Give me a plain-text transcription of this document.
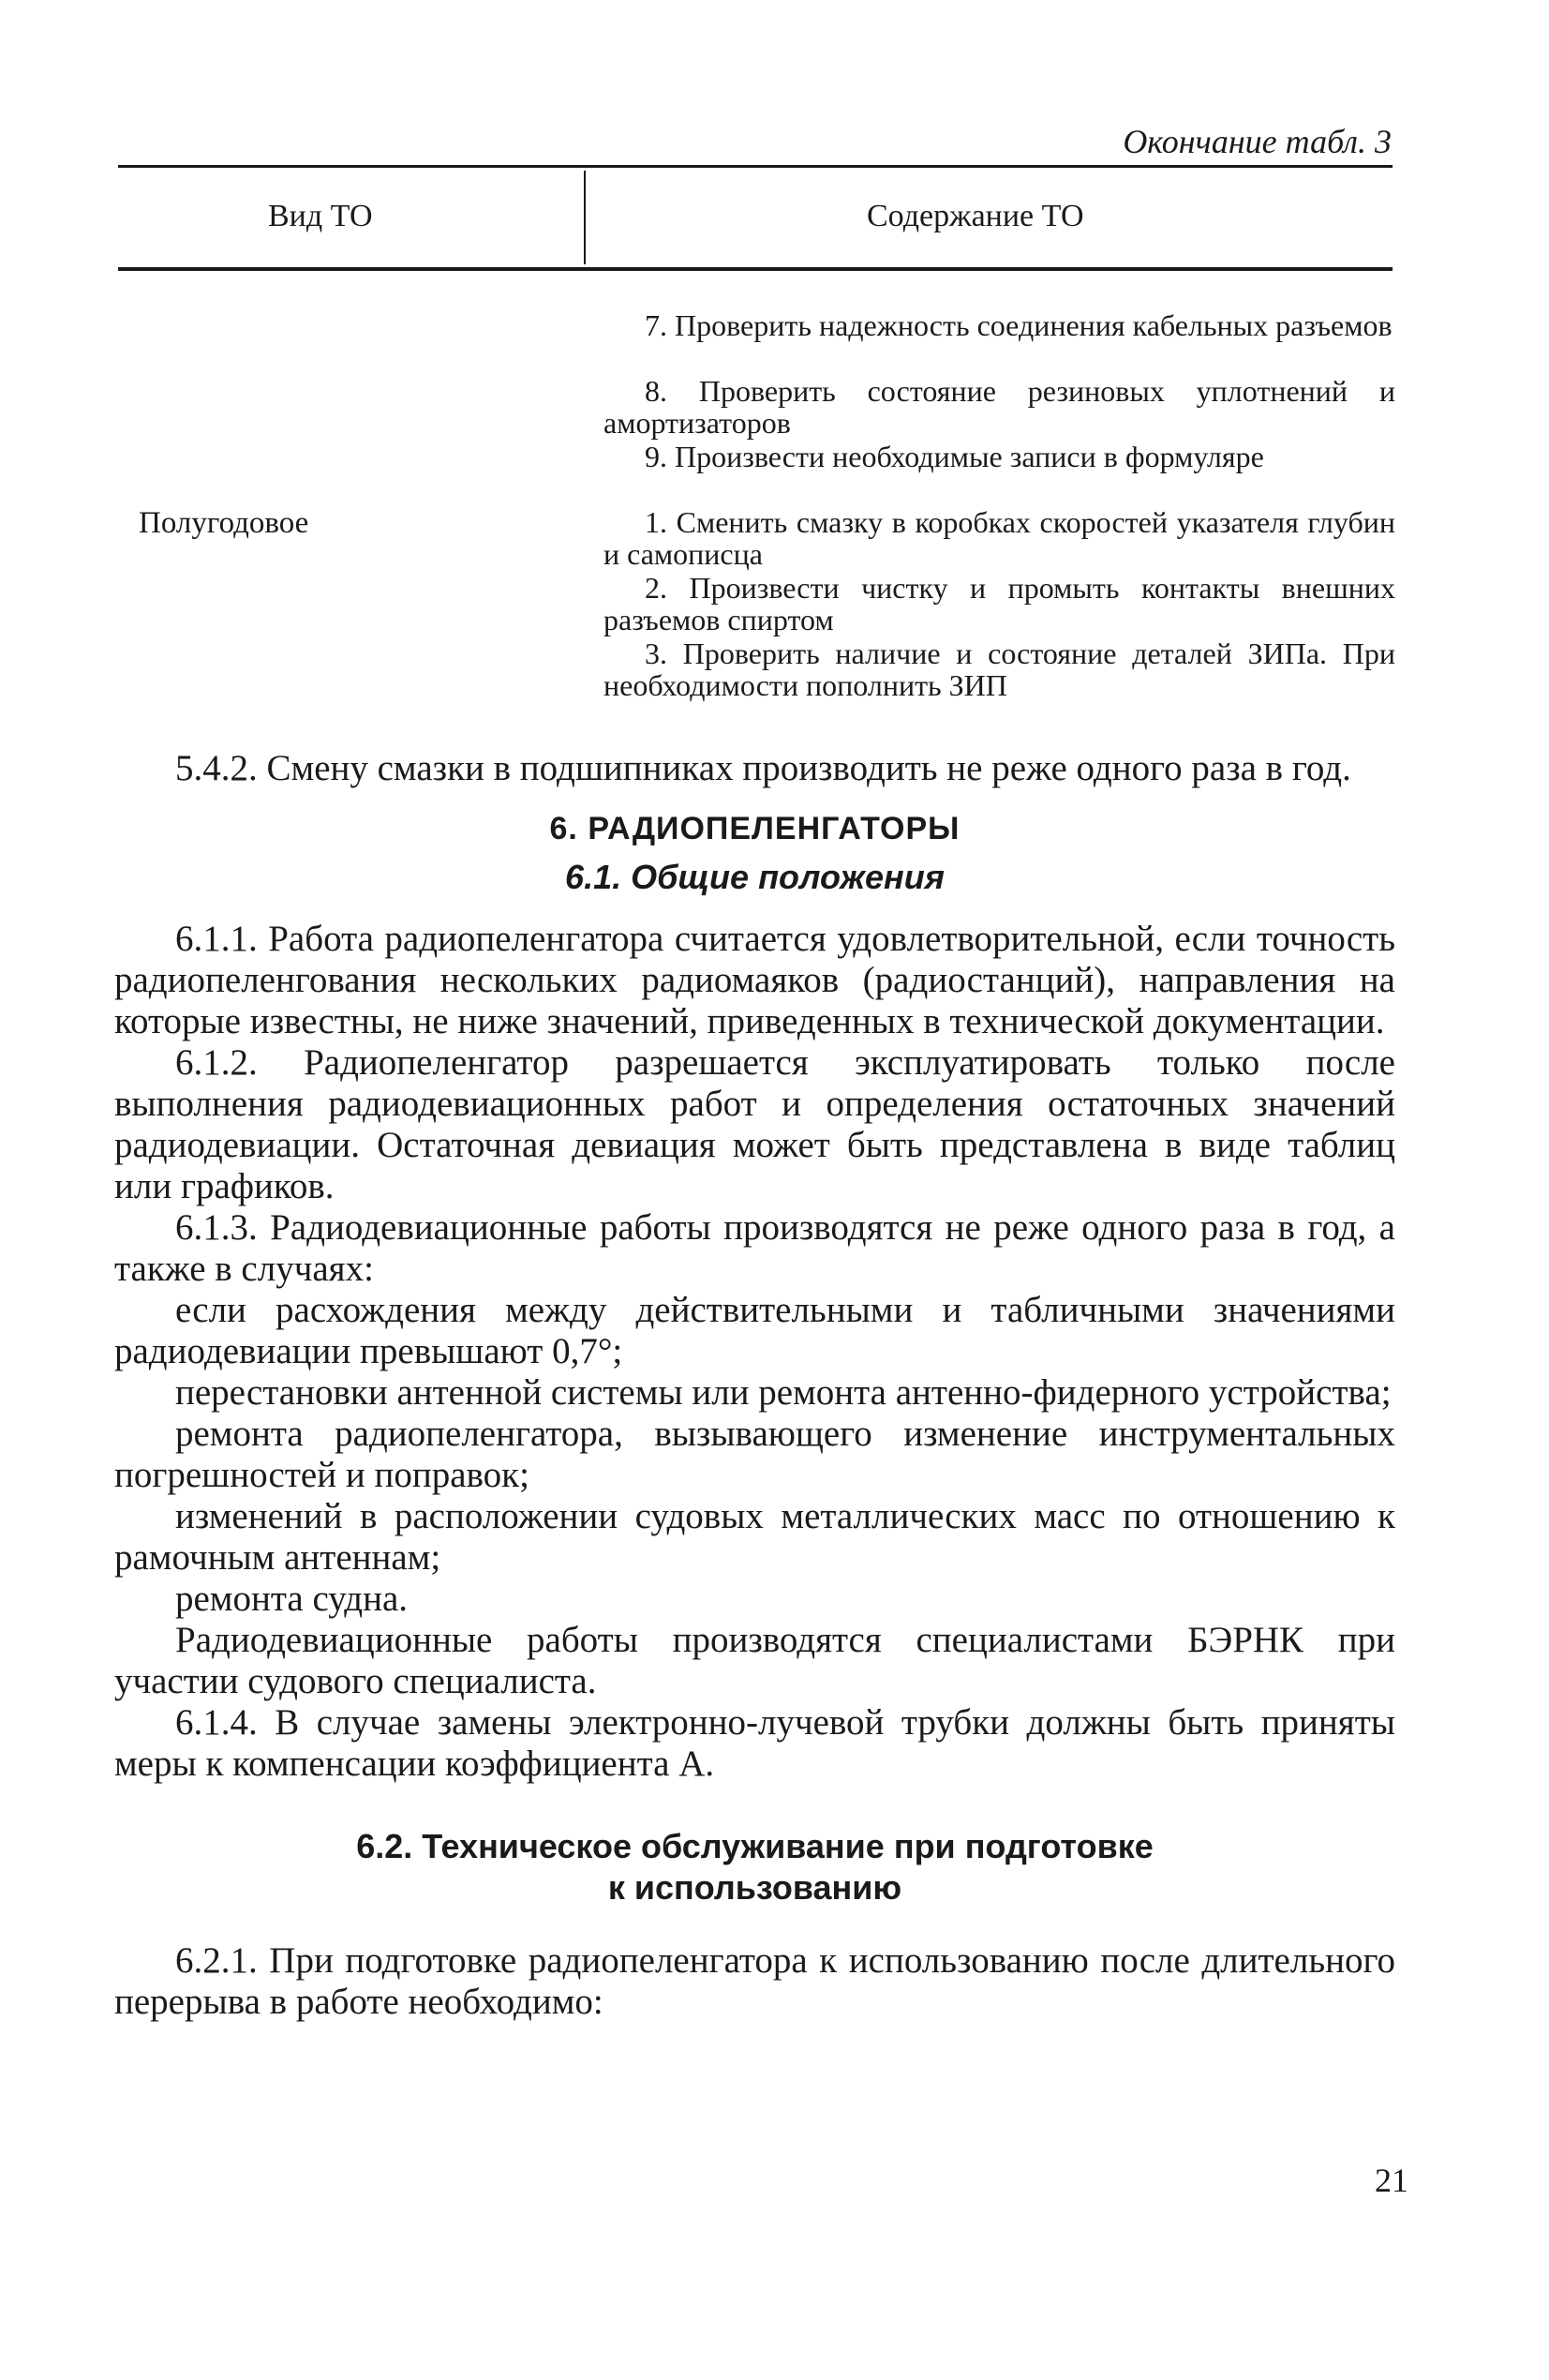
Окончание табл. 3
Вид ТО	Содержание ТО
7. Проверить надежность соединения кабельных разъемов
8. Проверить состояние резиновых уплотнений и амортизаторов
9. Произвести необходимые записи в формуляре
Полугодовое	1. Сменить смазку в коробках скоростей указателя глубин и самописца
2. Произвести чистку и промыть контакты внешних разъемов спиртом
3. Проверить наличие и состояние деталей ЗИПа. При необходимости пополнить ЗИП

5.4.2. Смену смазки в подшипниках производить не реже одного раза в год.

6. РАДИОПЕЛЕНГАТОРЫ

6.1. Общие положения

6.1.1. Работа радиопеленгатора считается удовлетворительной, если точность радиопеленгования нескольких радиомаяков (радиостанций), направления на которые известны, не ниже значений, приведенных в технической документации.

6.1.2. Радиопеленгатор разрешается эксплуатировать только после выполнения радиодевиационных работ и определения остаточных значений радиодевиации. Остаточная девиация может быть представлена в виде таблиц или графиков.

6.1.3. Радиодевиационные работы производятся не реже одного раза в год, а также в случаях:

если расхождения между действительными и табличными значениями радиодевиации превышают 0,7°;

перестановки антенной системы или ремонта антенно-фидерного устройства;

ремонта радиопеленгатора, вызывающего изменение инструментальных погрешностей и поправок;

изменений в расположении судовых металлических масс по отношению к рамочным антеннам;

ремонта судна.

Радиодевиационные работы производятся специалистами БЭРНК при участии судового специалиста.

6.1.4. В случае замены электронно-лучевой трубки должны быть приняты меры к компенсации коэффициента А.

6.2. Техническое обслуживание при подготовке
к использованию

6.2.1. При подготовке радиопеленгатора к использованию после длительного перерыва в работе необходимо:

21
